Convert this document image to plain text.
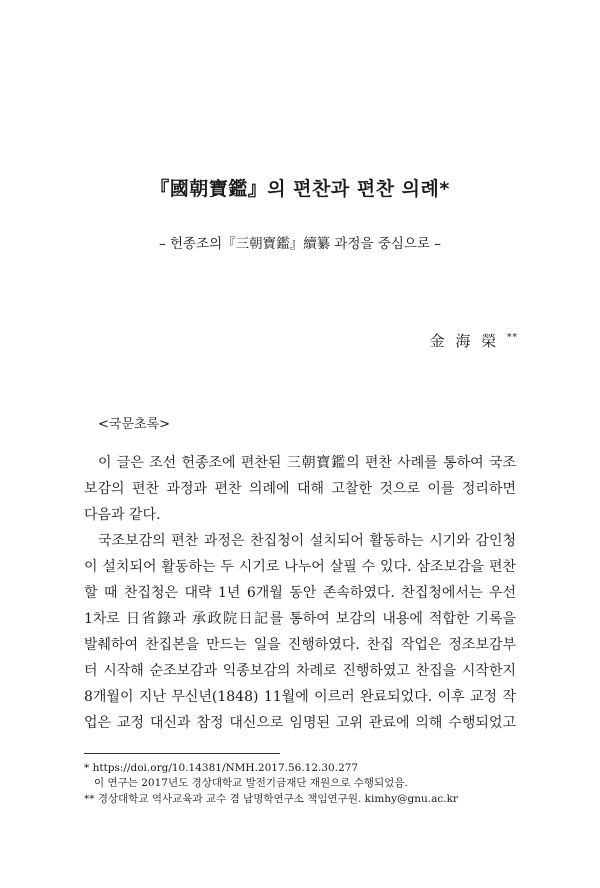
『國朝寶鑑』의 편찬과 편찬 의례*
– 헌종조의『三朝寶鑑』續纂 과정을 중심으로 –
金 海 榮 **
<국문초록>
이 글은 조선 헌종조에 편찬된 三朝寶鑑의 편찬 사례를 통하여 국조
보감의 편찬 과정과 편찬 의례에 대해 고찰한 것으로 이를 정리하면
다음과 같다.
국조보감의 편찬 과정은 찬집청이 설치되어 활동하는 시기와 감인청
이 설치되어 활동하는 두 시기로 나누어 살필 수 있다. 삼조보감을 편찬
할 때 찬집청은 대략 1년 6개월 동안 존속하였다. 찬집청에서는 우선
1차로 日省錄과 承政院日記를 통하여 보감의 내용에 적합한 기록을
발췌하여 찬집본을 만드는 일을 진행하였다. 찬집 작업은 정조보감부
터 시작해 순조보감과 익종보감의 차례로 진행하였고 찬집을 시작한지
8개월이 지난 무신년(1848) 11월에 이르러 완료되었다. 이후 교정 작
업은 교정 대신과 참정 대신으로 임명된 고위 관료에 의해 수행되었고
* https://doi.org/10.14381/NMH.2017.56.12.30.277
이 연구는 2017년도 경상대학교 발전기금재단 재원으로 수행되었음.
** 경상대학교 역사교육과 교수 겸 남명학연구소 책임연구원. kimhy@gnu.ac.kr
